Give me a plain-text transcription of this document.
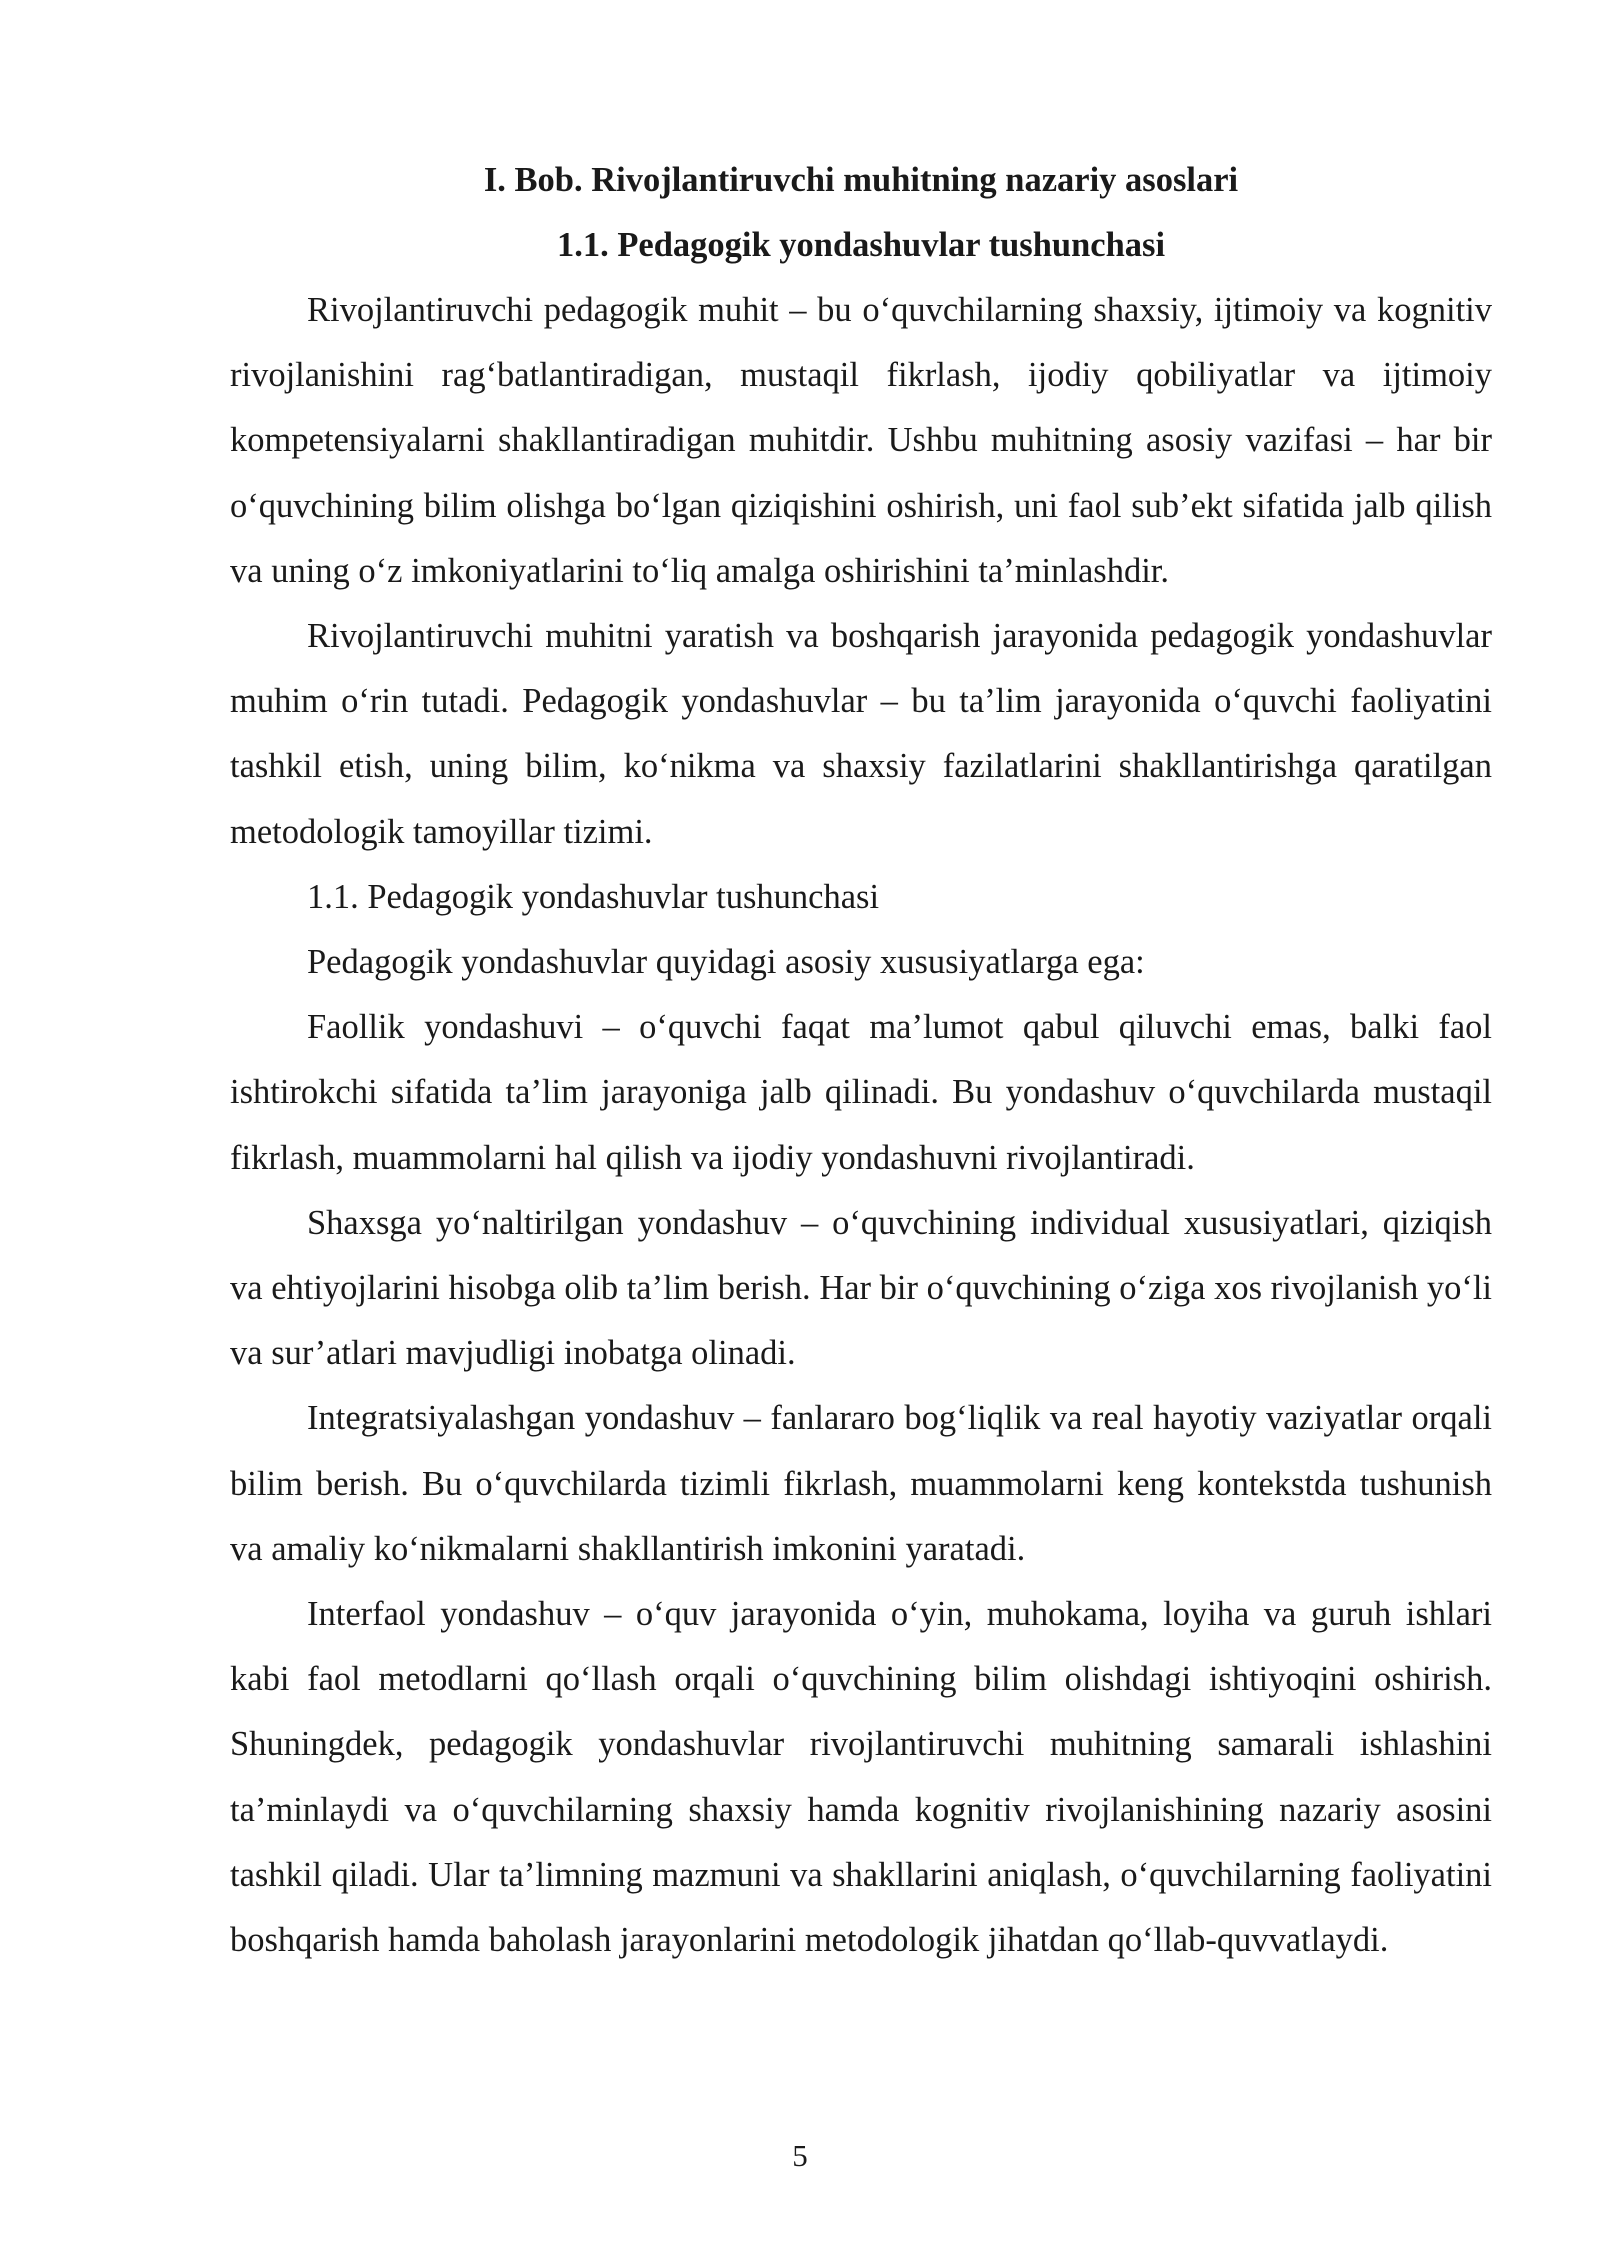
I. Bob. Rivojlantiruvchi muhitning nazariy asoslari
1.1. Pedagogik yondashuvlar tushunchasi

Rivojlantiruvchi pedagogik muhit – bu o‘quvchilarning shaxsiy, ijtimoiy va kognitiv rivojlanishini rag‘batlantiradigan, mustaqil fikrlash, ijodiy qobiliyatlar va ijtimoiy kompetensiyalarni shakllantiradigan muhitdir. Ushbu muhitning asosiy vazifasi – har bir o‘quvchining bilim olishga bo‘lgan qiziqishini oshirish, uni faol sub’ekt sifatida jalb qilish va uning o‘z imkoniyatlarini to‘liq amalga oshirishini ta’minlashdir.

Rivojlantiruvchi muhitni yaratish va boshqarish jarayonida pedagogik yondashuvlar muhim o‘rin tutadi. Pedagogik yondashuvlar – bu ta’lim jarayonida o‘quvchi faoliyatini tashkil etish, uning bilim, ko‘nikma va shaxsiy fazilatlarini shakllantirishga qaratilgan metodologik tamoyillar tizimi.

1.1. Pedagogik yondashuvlar tushunchasi

Pedagogik yondashuvlar quyidagi asosiy xususiyatlarga ega:

Faollik yondashuvi – o‘quvchi faqat ma’lumot qabul qiluvchi emas, balki faol ishtirokchi sifatida ta’lim jarayoniga jalb qilinadi. Bu yondashuv o‘quvchilarda mustaqil fikrlash, muammolarni hal qilish va ijodiy yondashuvni rivojlantiradi.

Shaxsga yo‘naltirilgan yondashuv – o‘quvchining individual xususiyatlari, qiziqish va ehtiyojlarini hisobga olib ta’lim berish. Har bir o‘quvchining o‘ziga xos rivojlanish yo‘li va sur’atlari mavjudligi inobatga olinadi.

Integratsiyalashgan yondashuv – fanlararo bog‘liqlik va real hayotiy vaziyatlar orqali bilim berish. Bu o‘quvchilarda tizimli fikrlash, muammolarni keng kontekstda tushunish va amaliy ko‘nikmalarni shakllantirish imkonini yaratadi.

Interfaol yondashuv – o‘quv jarayonida o‘yin, muhokama, loyiha va guruh ishlari kabi faol metodlarni qo‘llash orqali o‘quvchining bilim olishdagi ishtiyoqini oshirish. Shuningdek, pedagogik yondashuvlar rivojlantiruvchi muhitning samarali ishlashini ta’minlaydi va o‘quvchilarning shaxsiy hamda kognitiv rivojlanishining nazariy asosini tashkil qiladi. Ular ta’limning mazmuni va shakllarini aniqlash, o‘quvchilarning faoliyatini boshqarish hamda baholash jarayonlarini metodologik jihatdan qo‘llab-quvvatlaydi.

5
